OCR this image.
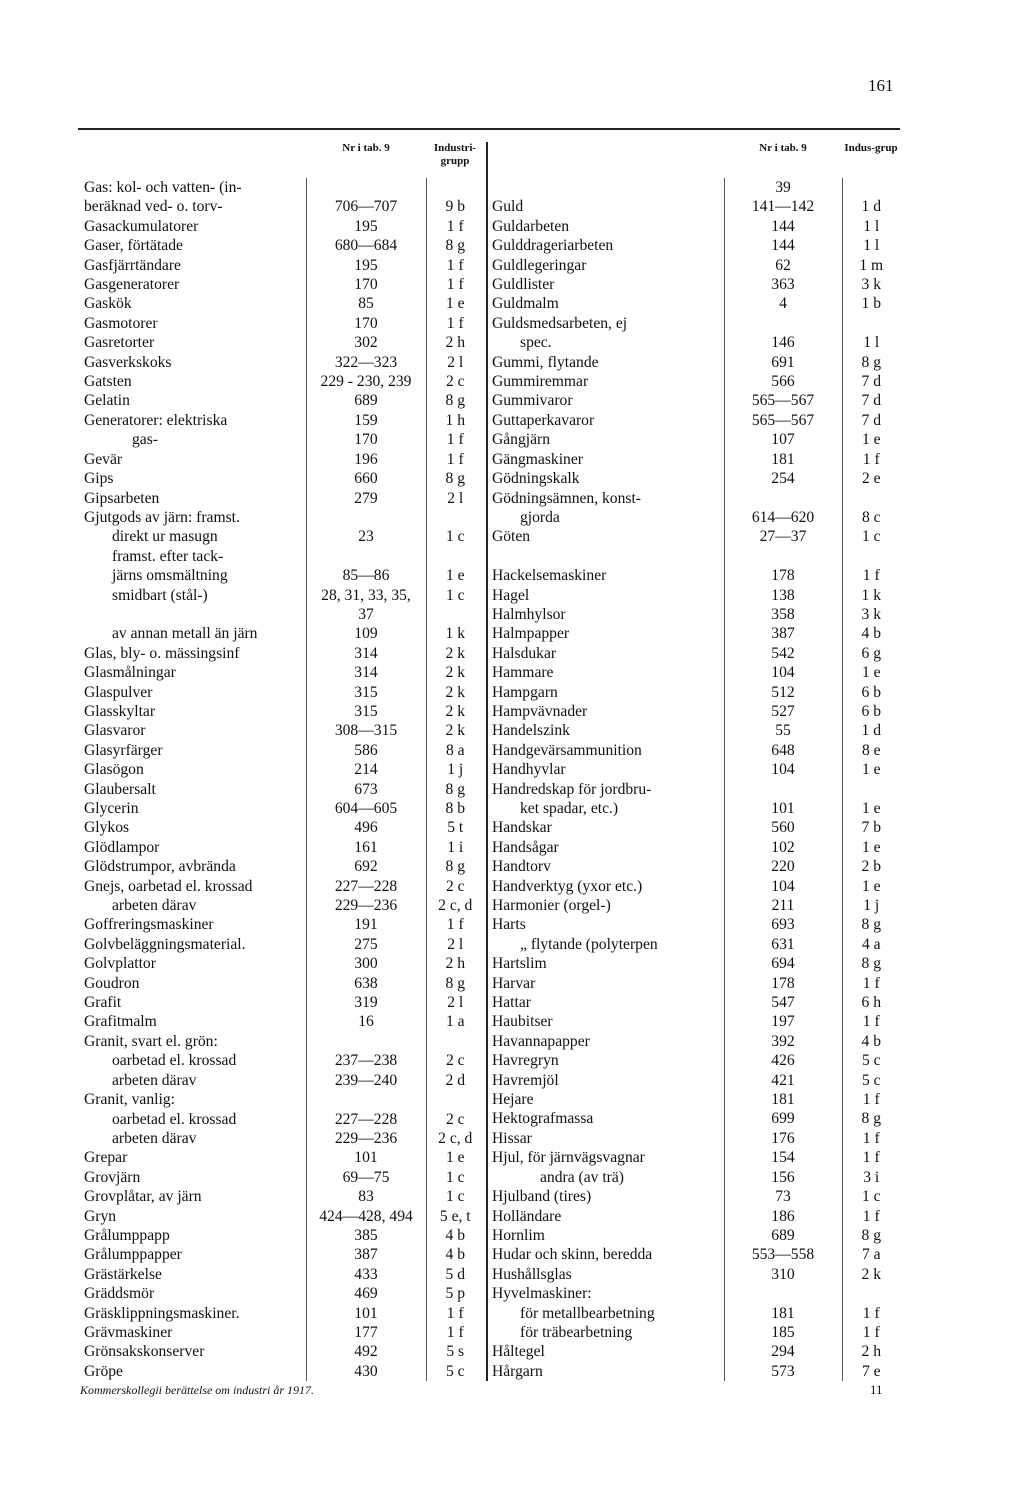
161
	Nr i tab. 9	Industri-grupp
Gas: kol- och vatten- (in-		
beräknad ved- o. torv-	706—707	9 b
Gasackumulatorer	195	1 f
Gaser, förtätade	680—684	8 g
Gasfjärrtändare	195	1 f
Gasgeneratorer	170	1 f
Gaskök	85	1 e
Gasmotorer	170	1 f
Gasretorter	302	2 h
Gasverkskoks	322—323	2 l
Gatsten	229 - 230, 239	2 c
Gelatin	689	8 g
Generatorer: elektriska	159	1 h
gas-	170	1 f
Gevär	196	1 f
Gips	660	8 g
Gipsarbeten	279	2 l
Gjutgods av järn: framst.		
direkt ur masugn	23	1 c
framst. efter tack-		
järns omsmältning	85—86	1 e
smidbart (stål-)	28, 31, 33, 35,	1 c
	37	
av annan metall än järn	109	1 k
Glas, bly- o. mässingsinf	314	2 k
Glasmålningar	314	2 k
Glaspulver	315	2 k
Glasskyltar	315	2 k
Glasvaror	308—315	2 k
Glasyrfärger	586	8 a
Glasögon	214	1 j
Glaubersalt	673	8 g
Glycerin	604—605	8 b
Glykos	496	5 t
Glödlampor	161	1 i
Glödstrumpor, avbrända	692	8 g
Gnejs, oarbetad el. krossad	227—228	2 c
arbeten därav	229—236	2 c, d
Goffreringsmaskiner	191	1 f
Golvbeläggningsmaterial.	275	2 l
Golvplattor	300	2 h
Goudron	638	8 g
Grafit	319	2 l
Grafitmalm	16	1 a
Granit, svart el. grön:		
oarbetad el. krossad	237—238	2 c
arbeten därav	239—240	2 d
Granit, vanlig:		
oarbetad el. krossad	227—228	2 c
arbeten därav	229—236	2 c, d
Grepar	101	1 e
Grovjärn	69—75	1 c
Grovplåtar, av järn	83	1 c
Gryn	424—428, 494	5 e, t
Grålumppapp	385	4 b
Grålumppapper	387	4 b
Grästärkelse	433	5 d
Gräddsmör	469	5 p
Gräsklippningsmaskiner.	101	1 f
Grävmaskiner	177	1 f
Grönsakskonserver	492	5 s
Gröpe	430	5 c
	Nr i tab. 9	Indus-grup
	39	
Guld	141—142	1 d
Guldarbeten	144	1 l
Gulddrageriarbeten	144	1 l
Guldlegeringar	62	1 m
Guldlister	363	3 k
Guldmalm	4	1 b
Guldsmedsarbeten, ej		
spec.	146	1 l
Gummi, flytande	691	8 g
Gummiremmar	566	7 d
Gummivaror	565—567	7 d
Guttaperkavaror	565—567	7 d
Gångjärn	107	1 e
Gängmaskiner	181	1 f
Gödningskalk	254	2 e
Gödningsämnen, konst-		
gjorda	614—620	8 c
Göten	27—37	1 c

Hackelsemaskiner	178	1 f
Hagel	138	1 k
Halmhylsor	358	3 k
Halmpapper	387	4 b
Halsdukar	542	6 g
Hammare	104	1 e
Hampgarn	512	6 b
Hampvävnader	527	6 b
Handelszink	55	1 d
Handgevärsammunition	648	8 e
Handhyvlar	104	1 e
Handredskap för jordbru-		
ket spadar, etc.)	101	1 e
Handskar	560	7 b
Handsågar	102	1 e
Handtorv	220	2 b
Handverktyg (yxor etc.)	104	1 e
Harmonier (orgel-)	211	1 j
Harts	693	8 g
„ flytande (polyterpen	631	4 a
Hartslim	694	8 g
Harvar	178	1 f
Hattar	547	6 h
Haubitser	197	1 f
Havannapapper	392	4 b
Havregryn	426	5 c
Havremjöl	421	5 c
Hejare	181	1 f
Hektografmassa	699	8 g
Hissar	176	1 f
Hjul, för järnvägsvagnar	154	1 f
andra (av trä)	156	3 i
Hjulband (tires)	73	1 c
Holländare	186	1 f
Hornlim	689	8 g
Hudar och skinn, beredda	553—558	7 a
Hushållsglas	310	2 k
Hyvelmaskiner:		
för metallbearbetning	181	1 f
för träbearbetning	185	1 f
Håltegel	294	2 h
Hårgarn	573	7 e
Kommerskollegii berättelse om industri år 1917.	11
